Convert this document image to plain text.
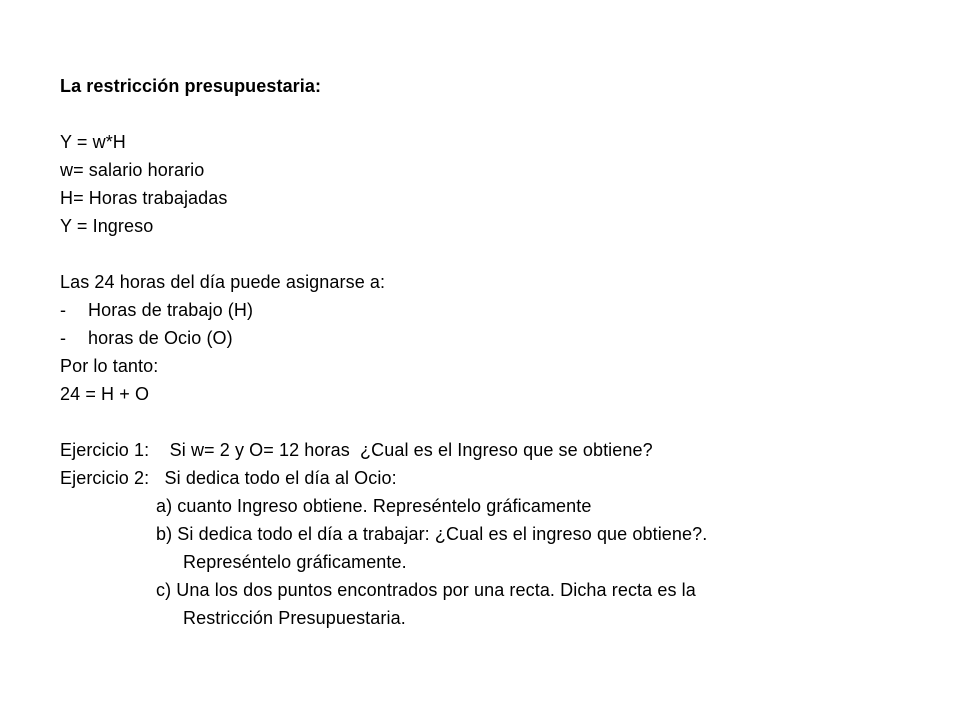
La restricción presupuestaria:
Y = w*H
w= salario horario
H= Horas trabajadas
Y = Ingreso
Las 24 horas del día puede asignarse a:
- Horas de trabajo (H)
- horas de Ocio (O)
Por lo tanto:
24 = H + O
Ejercicio 1:    Si w= 2 y O= 12 horas  ¿Cual es el Ingreso que se obtiene?
Ejercicio 2:   Si dedica todo el día al Ocio:
a) cuanto Ingreso obtiene. Represéntelo gráficamente
b) Si dedica todo el día a trabajar: ¿Cual es el ingreso que obtiene?.
Represéntelo gráficamente.
c) Una los dos puntos encontrados por una recta. Dicha recta es la
Restricción Presupuestaria.
